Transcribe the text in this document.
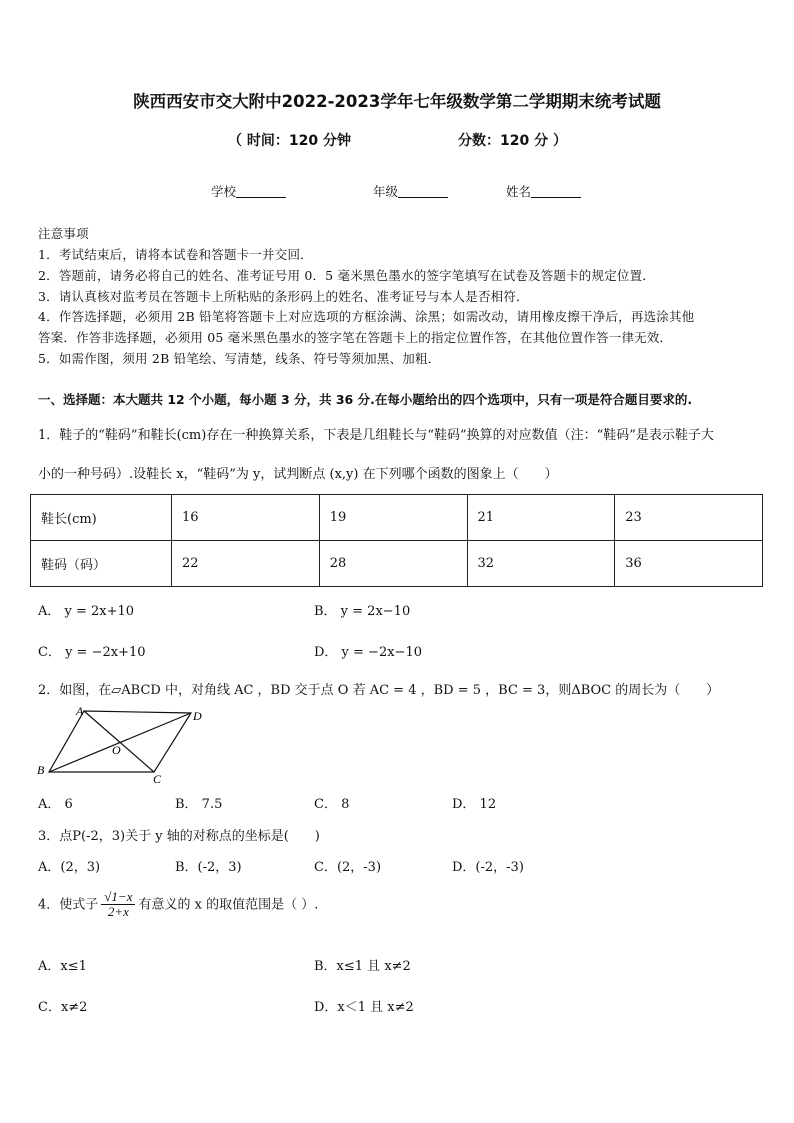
陕西西安市交大附中2022-2023学年七年级数学第二学期期末统考试题
（ 时间：120 分钟	分数：120 分 ）
学校	年级	姓名
注意事项
1．考试结束后，请将本试卷和答题卡一并交回．
2．答题前，请务必将自己的姓名、准考证号用 0．5 毫米黑色墨水的签字笔填写在试卷及答题卡的规定位置．
3．请认真核对监考员在答题卡上所粘贴的条形码上的姓名、准考证号与本人是否相符．
4．作答选择题，必须用 2B 铅笔将答题卡上对应选项的方框涂满、涂黑；如需改动，请用橡皮擦干净后，再选涂其他
答案．作答非选择题，必须用 05 毫米黑色墨水的签字笔在答题卡上的指定位置作答，在其他位置作答一律无效．
5．如需作图，须用 2B 铅笔绘、写清楚，线条、符号等须加黑、加粗．
一、选择题：本大题共 12 个小题，每小题 3 分，共 36 分.在每小题给出的四个选项中，只有一项是符合题目要求的.
1．鞋子的“鞋码”和鞋长(cm)存在一种换算关系，下表是几组鞋长与“鞋码”换算的对应数值（注：“鞋码”是表示鞋子大
小的一种号码）.设鞋长 x，“鞋码”为 y，试判断点 (x,y) 在下列哪个函数的图象上（　　）
鞋长(cm)	16	19	21	23
鞋码（码）	22	28	32	36
A． y = 2x+10	B． y = 2x−10
C． y = −2x+10	D． y = −2x−10
2．如图，在▱ABCD 中，对角线 AC ，BD 交于点 O 若 AC = 4 ，BD = 5 ，BC = 3，则ΔBOC 的周长为（　　）
A	D
B
C
O
A． 6	B． 7.5	C． 8	D． 12
3．点P(-2，3)关于 y 轴的对称点的坐标是(　　)
A．(2，3)	B．(-2，3)	C．(2，-3)	D．(-2，-3)
4．使式子 $\frac{√1-x}{2+x}$ 有意义的 x 的取值范围是（ ）.
A．x≤1	B．x≤1 且 x≠2
C．x≠2	D．x＜1 且 x≠2
